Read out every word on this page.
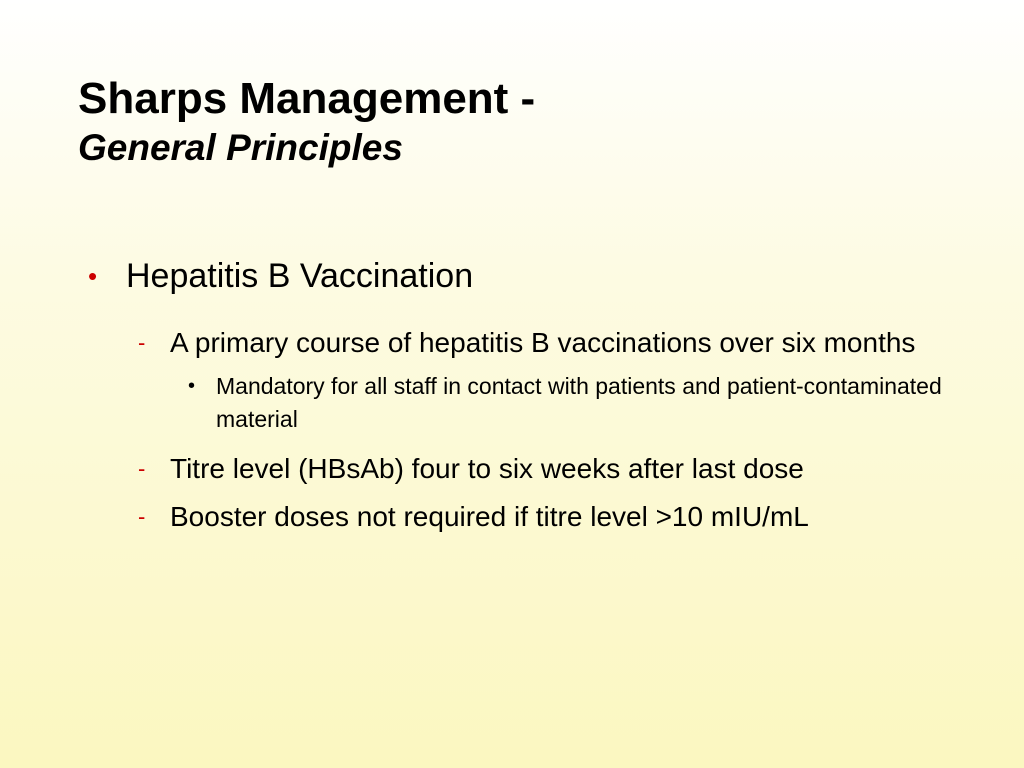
Sharps Management -
General Principles
• Hepatitis B Vaccination
- A primary course of hepatitis B vaccinations over six months
• Mandatory for all staff in contact with patients and patient-contaminated material
- Titre level (HBsAb) four to six weeks after last dose
- Booster doses not required if titre level >10 mIU/mL
